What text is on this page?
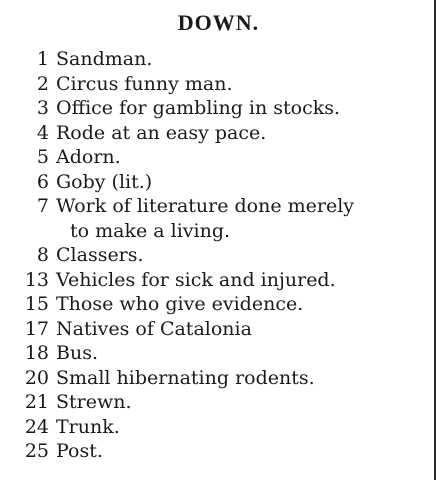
DOWN.
1 Sandman.
2 Circus funny man.
3 Office for gambling in stocks.
4 Rode at an easy pace.
5 Adorn.
6 Goby (lit.)
7 Work of literature done merely
to make a living.
8 Classers.
13 Vehicles for sick and injured.
15 Those who give evidence.
17 Natives of Catalonia
18 Bus.
20 Small hibernating rodents.
21 Strewn.
24 Trunk.
25 Post.
